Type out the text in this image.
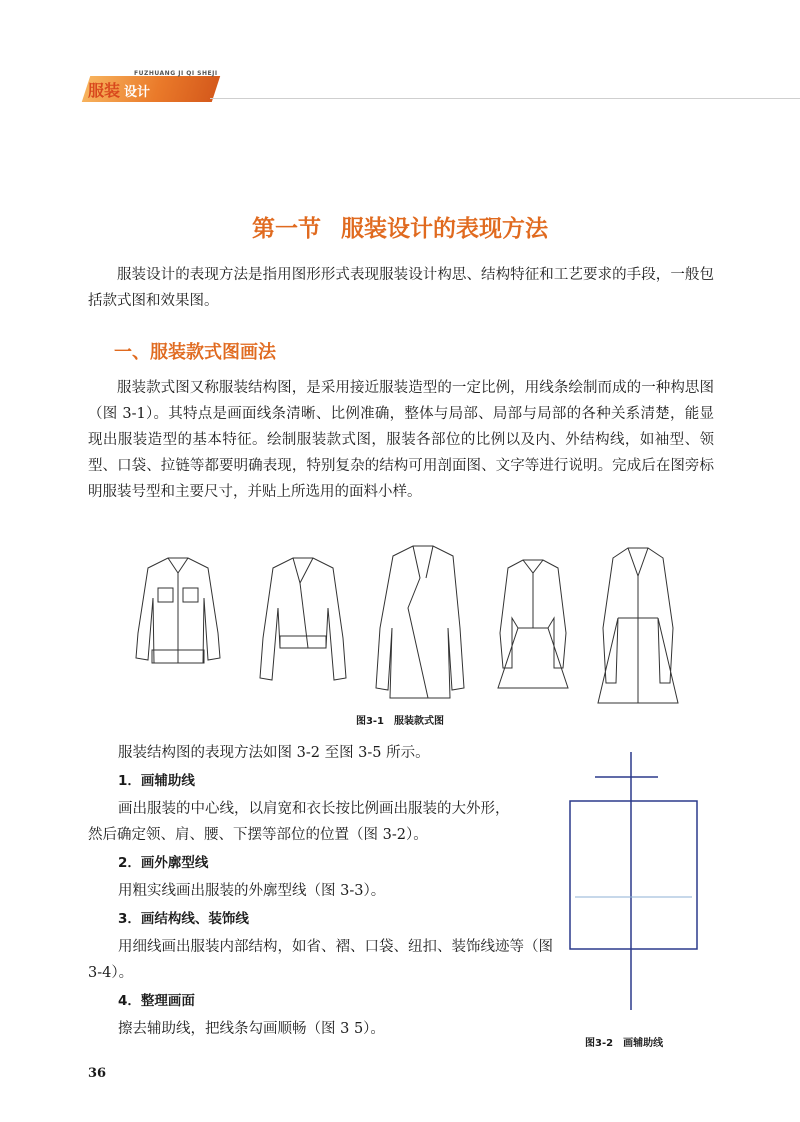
FUZHUANG JI QI SHEJI
服装 设计
第一节 服装设计的表现方法
服装设计的表现方法是指用图形形式表现服装设计构思、结构特征和工艺要求的手段，一般包括款式图和效果图。
一、服装款式图画法
服装款式图又称服装结构图，是采用接近服装造型的一定比例，用线条绘制而成的一种构思图（图 3-1）。其特点是画面线条清晰、比例准确，整体与局部、局部与局部的各种关系清楚，能显现出服装造型的基本特征。绘制服装款式图，服装各部位的比例以及内、外结构线，如袖型、领型、口袋、拉链等都要明确表现，特别复杂的结构可用剖面图、文字等进行说明。完成后在图旁标明服装号型和主要尺寸，并贴上所选用的面料小样。
图3-1　服装款式图
服装结构图的表现方法如图 3-2 至图 3-5 所示。
1．画辅助线
画出服装的中心线，以肩宽和衣长按比例画出服装的大外形，
然后确定领、肩、腰、下摆等部位的位置（图 3-2）。
2．画外廓型线
用粗实线画出服装的外廓型线（图 3-3）。
3．画结构线、装饰线
用细线画出服装内部结构，如省、褶、口袋、纽扣、装饰线迹等（图
3-4）。
4．整理画面
擦去辅助线，把线条勾画顺畅（图 3 5）。
图3-2　画辅助线
36
